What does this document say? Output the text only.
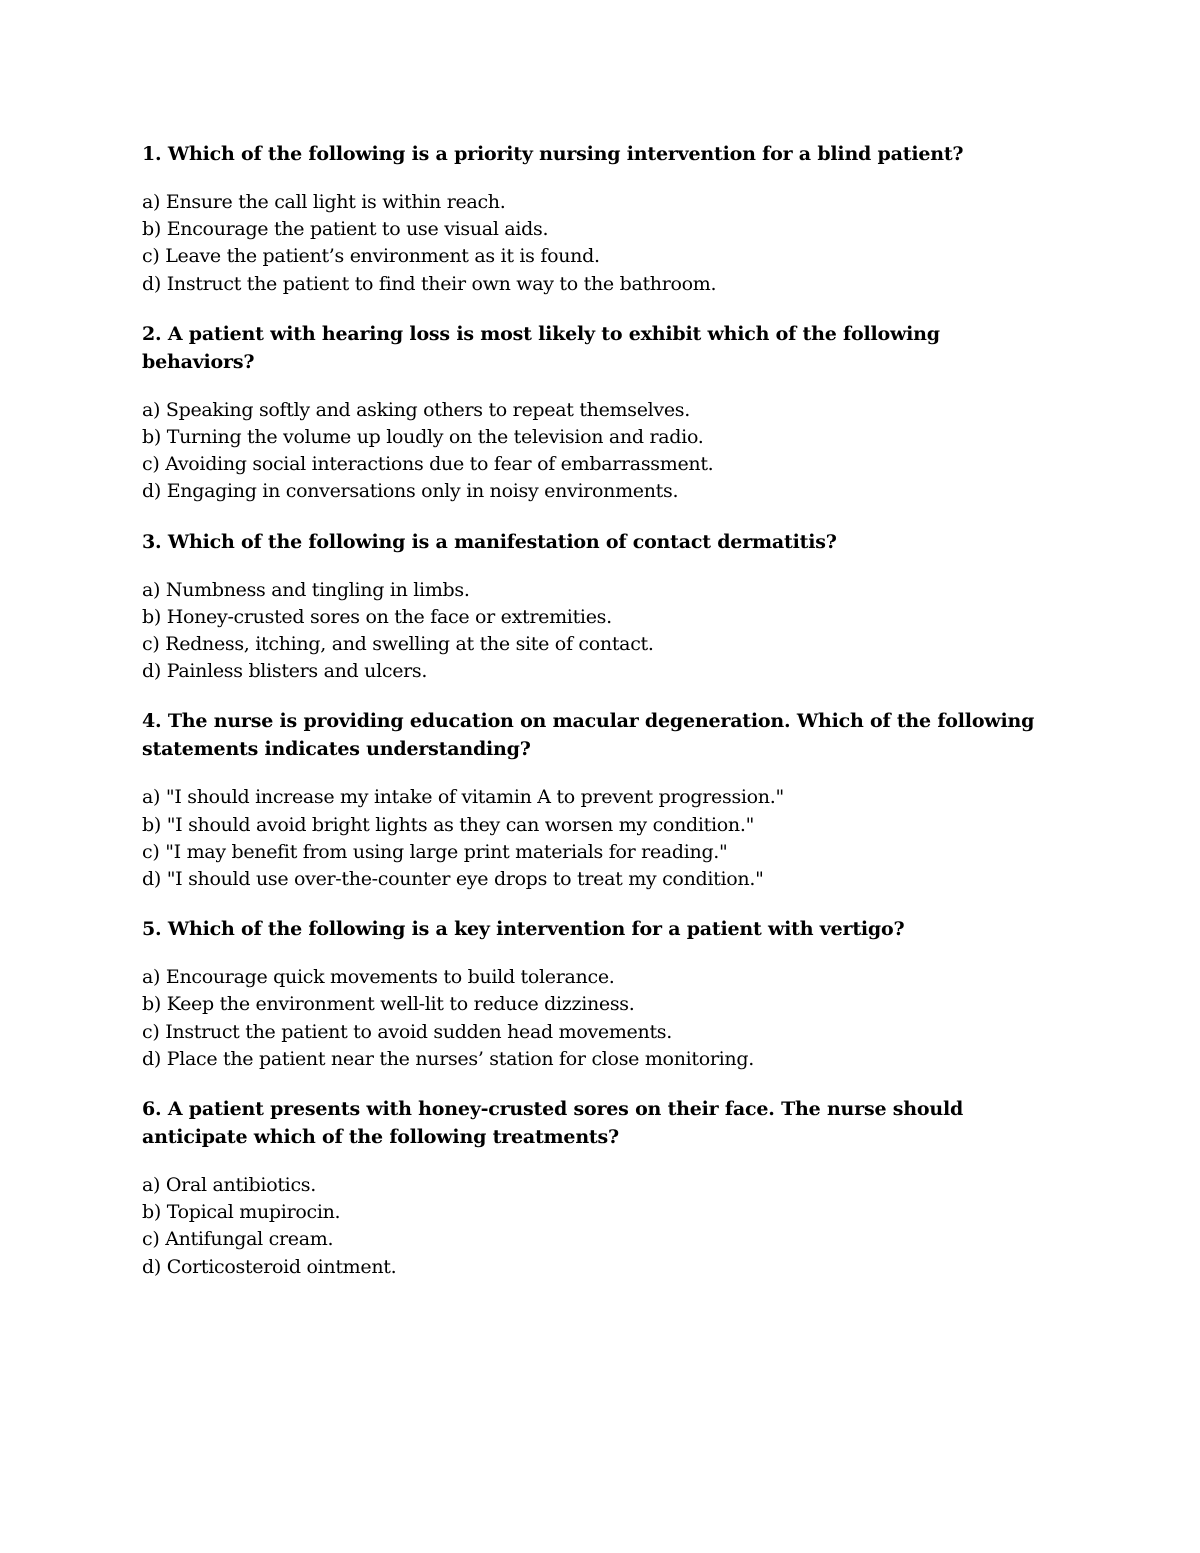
1. Which of the following is a priority nursing intervention for a blind patient?

a) Ensure the call light is within reach.
b) Encourage the patient to use visual aids.
c) Leave the patient’s environment as it is found.
d) Instruct the patient to find their own way to the bathroom.

2. A patient with hearing loss is most likely to exhibit which of the following behaviors?

a) Speaking softly and asking others to repeat themselves.
b) Turning the volume up loudly on the television and radio.
c) Avoiding social interactions due to fear of embarrassment.
d) Engaging in conversations only in noisy environments.

3. Which of the following is a manifestation of contact dermatitis?

a) Numbness and tingling in limbs.
b) Honey-crusted sores on the face or extremities.
c) Redness, itching, and swelling at the site of contact.
d) Painless blisters and ulcers.

4. The nurse is providing education on macular degeneration. Which of the following statements indicates understanding?

a) "I should increase my intake of vitamin A to prevent progression."
b) "I should avoid bright lights as they can worsen my condition."
c) "I may benefit from using large print materials for reading."
d) "I should use over-the-counter eye drops to treat my condition."

5. Which of the following is a key intervention for a patient with vertigo?

a) Encourage quick movements to build tolerance.
b) Keep the environment well-lit to reduce dizziness.
c) Instruct the patient to avoid sudden head movements.
d) Place the patient near the nurses’ station for close monitoring.

6. A patient presents with honey-crusted sores on their face. The nurse should anticipate which of the following treatments?

a) Oral antibiotics.
b) Topical mupirocin.
c) Antifungal cream.
d) Corticosteroid ointment.
